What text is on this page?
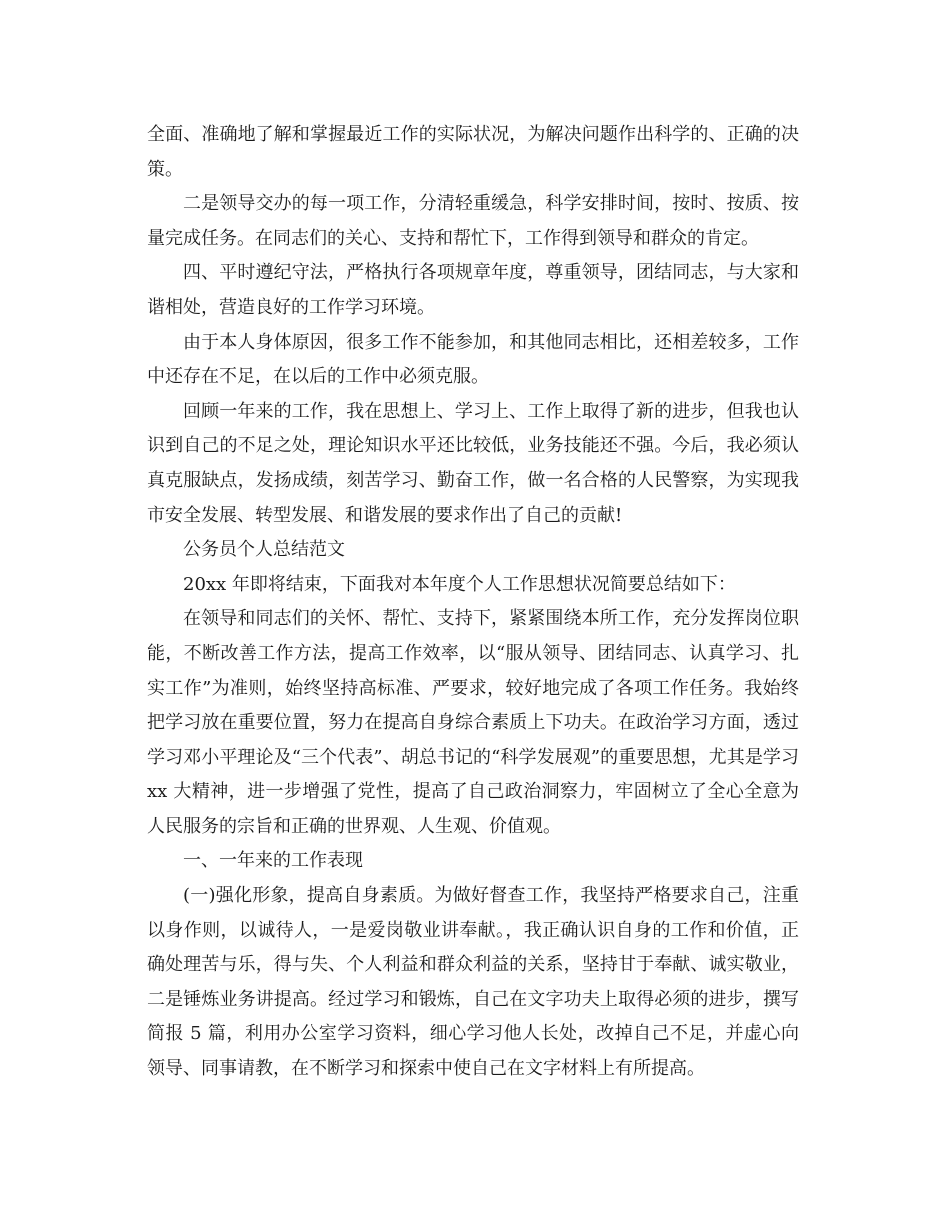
全面、准确地了解和掌握最近工作的实际状况，为解决问题作出科学的、正确的决策。

二是领导交办的每一项工作，分清轻重缓急，科学安排时间，按时、按质、按量完成任务。在同志们的关心、支持和帮忙下，工作得到领导和群众的肯定。

四、平时遵纪守法，严格执行各项规章年度，尊重领导，团结同志，与大家和谐相处，营造良好的工作学习环境。

由于本人身体原因，很多工作不能参加，和其他同志相比，还相差较多，工作中还存在不足，在以后的工作中必须克服。

回顾一年来的工作，我在思想上、学习上、工作上取得了新的进步，但我也认识到自己的不足之处，理论知识水平还比较低，业务技能还不强。今后，我必须认真克服缺点，发扬成绩，刻苦学习、勤奋工作，做一名合格的人民警察，为实现我市安全发展、转型发展、和谐发展的要求作出了自己的贡献!

公务员个人总结范文

20xx 年即将结束，下面我对本年度个人工作思想状况简要总结如下：

在领导和同志们的关怀、帮忙、支持下，紧紧围绕本所工作，充分发挥岗位职能，不断改善工作方法，提高工作效率，以“服从领导、团结同志、认真学习、扎实工作”为准则，始终坚持高标准、严要求，较好地完成了各项工作任务。我始终把学习放在重要位置，努力在提高自身综合素质上下功夫。在政治学习方面，透过学习邓小平理论及“三个代表”、胡总书记的“科学发展观”的重要思想，尤其是学习 xx 大精神，进一步增强了党性，提高了自己政治洞察力，牢固树立了全心全意为人民服务的宗旨和正确的世界观、人生观、价值观。

一、一年来的工作表现

(一)强化形象，提高自身素质。为做好督查工作，我坚持严格要求自己，注重以身作则，以诚待人，一是爱岗敬业讲奉献。，我正确认识自身的工作和价值，正确处理苦与乐，得与失、个人利益和群众利益的关系，坚持甘于奉献、诚实敬业，二是锤炼业务讲提高。经过学习和锻炼，自己在文字功夫上取得必须的进步，撰写简报 5 篇，利用办公室学习资料，细心学习他人长处，改掉自己不足，并虚心向领导、同事请教，在不断学习和探索中使自己在文字材料上有所提高。
